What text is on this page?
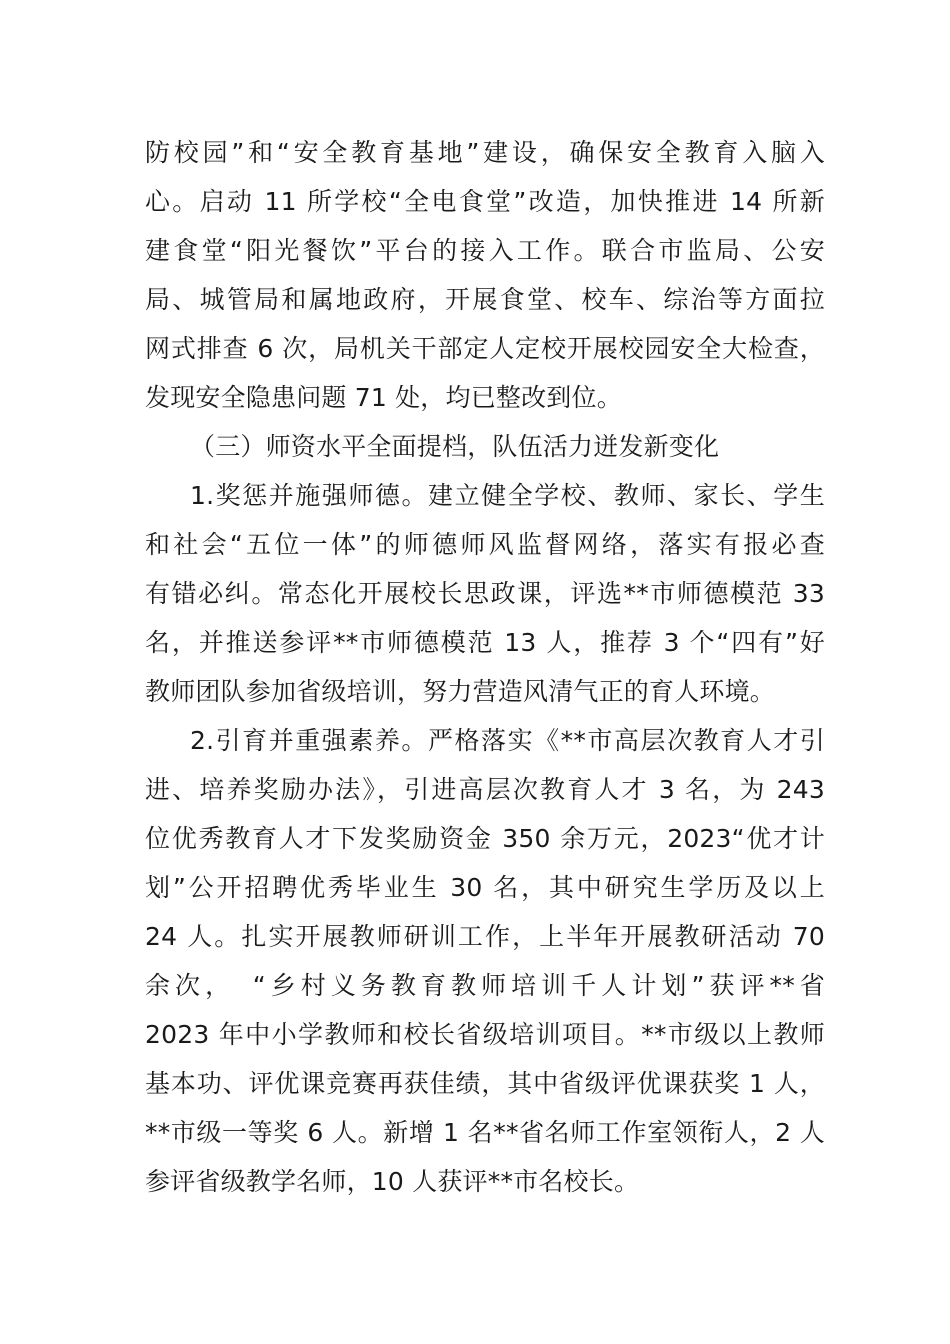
防校园”和“安全教育基地”建设，确保安全教育入脑入
心。启动 11 所学校“全电食堂”改造，加快推进 14 所新
建食堂“阳光餐饮”平台的接入工作。联合市监局、公安
局、城管局和属地政府，开展食堂、校车、综治等方面拉
网式排查 6 次，局机关干部定人定校开展校园安全大检查，
发现安全隐患问题 71 处，均已整改到位。
（三）师资水平全面提档，队伍活力迸发新变化
1.奖惩并施强师德。建立健全学校、教师、家长、学生
和社会“五位一体”的师德师风监督网络，落实有报必查
有错必纠。常态化开展校长思政课，评选**市师德模范 33
名，并推送参评**市师德模范 13 人，推荐 3 个“四有”好
教师团队参加省级培训，努力营造风清气正的育人环境。
2.引育并重强素养。严格落实《**市高层次教育人才引
进、培养奖励办法》，引进高层次教育人才 3 名，为 243
位优秀教育人才下发奖励资金 350 余万元，2023“优才计
划”公开招聘优秀毕业生 30 名，其中研究生学历及以上
24 人。扎实开展教师研训工作，上半年开展教研活动 70
余次，　“乡村义务教育教师培训千人计划”获评**省
2023 年中小学教师和校长省级培训项目。**市级以上教师
基本功、评优课竞赛再获佳绩，其中省级评优课获奖 1 人，
**市级一等奖 6 人。新增 1 名**省名师工作室领衔人，2 人
参评省级教学名师，10 人获评**市名校长。
